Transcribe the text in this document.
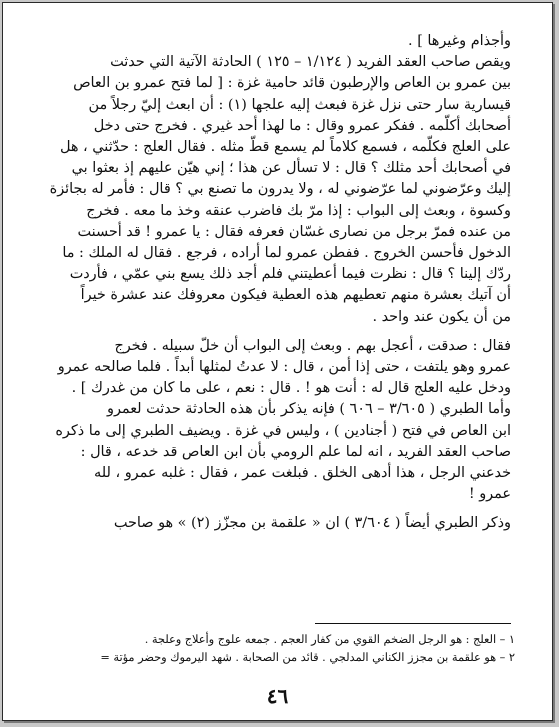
وأجذام وغيرها ] .

ويقص صاحب العقد الفريد ( ١/١٢٤ – ١٢٥ ) الحادثة الآتية التي حدثت

بين عمرو بن العاص والإرطبون قائد حامية غزة : [ لما فتح عمرو بن العاص

قيسارية سار حتى نزل غزة فبعث إليه علجها (١) : أن ابعث إليّ رجلاً من

أصحابك أكلّمه . ففكر عمرو وقال : ما لهذا أحد غيري . فخرج حتى دخل

على العلج فكلّمه ، فسمع كلاماً لم يسمع قطّ مثله . فقال العلج : حدّثني ، هل

في أصحابك أحد مثلك ؟ قال : لا تسأل عن هذا ؛ إني هيّن عليهم إذ بعثوا بي

إليك وعرّضوني لما عرّضوني له ، ولا يدرون ما تصنع بي ؟ قال : فأمر له بجائزة

وكسوة ، وبعث إلى البواب : إذا مرّ بك فاضرب عنقه وخذ ما معه . فخرج

من عنده فمرّ برجل من نصارى غسّان فعرفه فقال : يا عمرو ! قد أحسنت

الدخول فأحسن الخروج . ففطن عمرو لما أراده ، فرجع . فقال له الملك : ما

ردّك إلينا ؟ قال : نظرت فيما أعطيتني فلم أجد ذلك يسع بني عمّي ، فأردت

أن آتيك بعشرة منهم تعطيهم هذه العطية فيكون معروفك عند عشرة خيراً

من أن يكون عند واحد .

فقال : صدقت ، أعجل بهم . وبعث إلى البواب أن خلّ سبيله . فخرج

عمرو وهو يلتفت ، حتى إذا أمن ، قال : لا عدتُ لمثلها أبداً . فلما صالحه عمرو

ودخل عليه العلج قال له : أنت هو ! . قال : نعم ، على ما كان من غدرك ] .

وأما الطبري ( ٣/٦٠٥ – ٦٠٦ ) فإنه يذكر بأن هذه الحادثة حدثت لعمرو

ابن العاص في فتح ( أجنادين ) ، وليس في غزة . ويضيف الطبري إلى ما ذكره

صاحب العقد الفريد ، انه لما علم الرومي بأن ابن العاص قد خدعه ، قال :

خدعني الرجل ، هذا أدهى الخلق . فبلغت عمر ، فقال : غلبه عمرو ، لله

عمرو !

وذكر الطبري أيضاً ( ٣/٦٠٤ ) ان « علقمة بن مجزّز (٢) » هو صاحب

١ – العلج : هو الرجل الضخم القوي من كفار العجم . جمعه علوج وأعلاج وعلجة .

٢ – هو علقمة بن مجزز الكناني المدلجي . قائد من الصحابة . شهد اليرموك وحضر مؤتة =

٤٦
